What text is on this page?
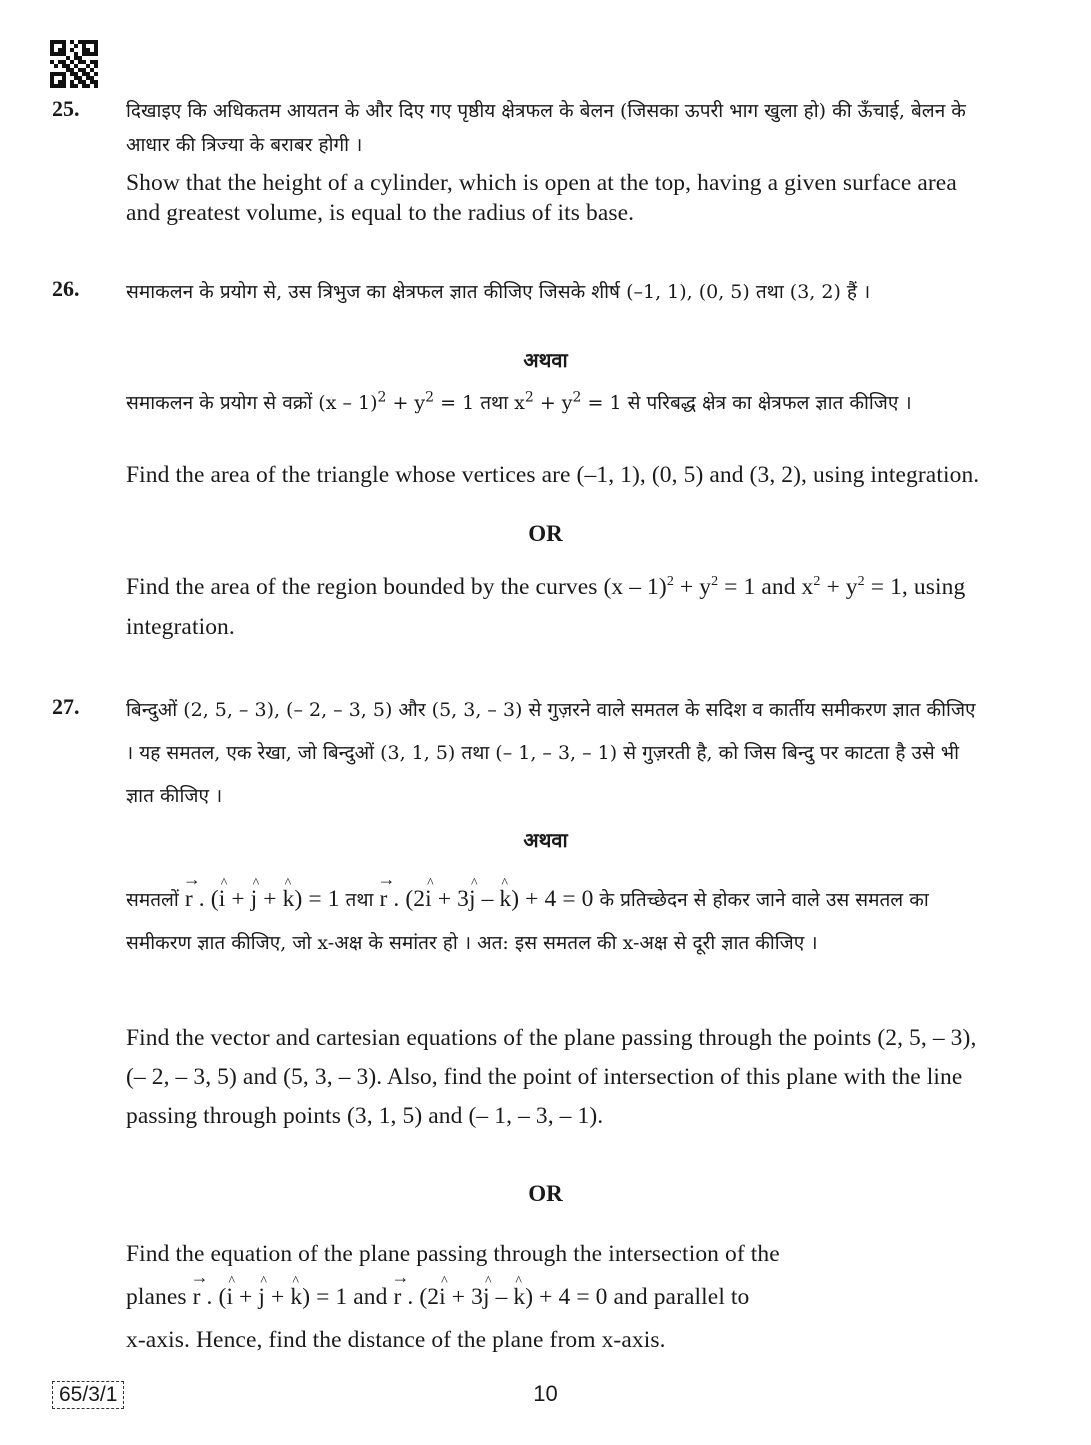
25. दिखाइए कि अधिकतम आयतन के और दिए गए पृष्ठीय क्षेत्रफल के बेलन (जिसका ऊपरी भाग खुला हो) की ऊँचाई, बेलन के आधार की त्रिज्या के बराबर होगी ।
Show that the height of a cylinder, which is open at the top, having a given surface area and greatest volume, is equal to the radius of its base.
26. समाकलन के प्रयोग से, उस त्रिभुज का क्षेत्रफल ज्ञात कीजिए जिसके शीर्ष (–1, 1), (0, 5) तथा (3, 2) हैं ।
अथवा
समाकलन के प्रयोग से वक्रों $(x - 1)^2 + y^2 = 1$ तथा $x^2 + y^2 = 1$ से परिबद्ध क्षेत्र का क्षेत्रफल ज्ञात कीजिए ।
Find the area of the triangle whose vertices are (–1, 1), (0, 5) and (3, 2), using integration.
OR
Find the area of the region bounded by the curves $(x - 1)^2 + y^2 = 1$ and $x^2 + y^2 = 1$, using integration.
27. बिन्दुओं (2, 5, – 3), (– 2, – 3, 5) और (5, 3, – 3) से गुज़रने वाले समतल के सदिश व कार्तीय समीकरण ज्ञात कीजिए । यह समतल, एक रेखा, जो बिन्दुओं (3, 1, 5) तथा (– 1, – 3, – 1) से गुज़रती है, को जिस बिन्दु पर काटता है उसे भी ज्ञात कीजिए ।
अथवा
समतलों → r . (^ i + ^ j + ^ k) = 1 तथा → r . (2^ i + 3^ j – ^ k) + 4 = 0 के प्रतिच्छेदन से होकर जाने वाले उस समतल का समीकरण ज्ञात कीजिए, जो x-अक्ष के समांतर हो । अत: इस समतल की x-अक्ष से दूरी ज्ञात कीजिए ।
Find the vector and cartesian equations of the plane passing through the points (2, 5, – 3), (– 2, – 3, 5) and (5, 3, – 3). Also, find the point of intersection of this plane with the line passing through points (3, 1, 5) and (– 1, – 3, – 1).
OR
Find the equation of the plane passing through the intersection of the
planes → r . (^ i + ^ j + ^ k) = 1 and → r . (2^ i + 3^ j – ^ k) + 4 = 0 and parallel to
x-axis. Hence, find the distance of the plane from x-axis.
65/3/1	10
